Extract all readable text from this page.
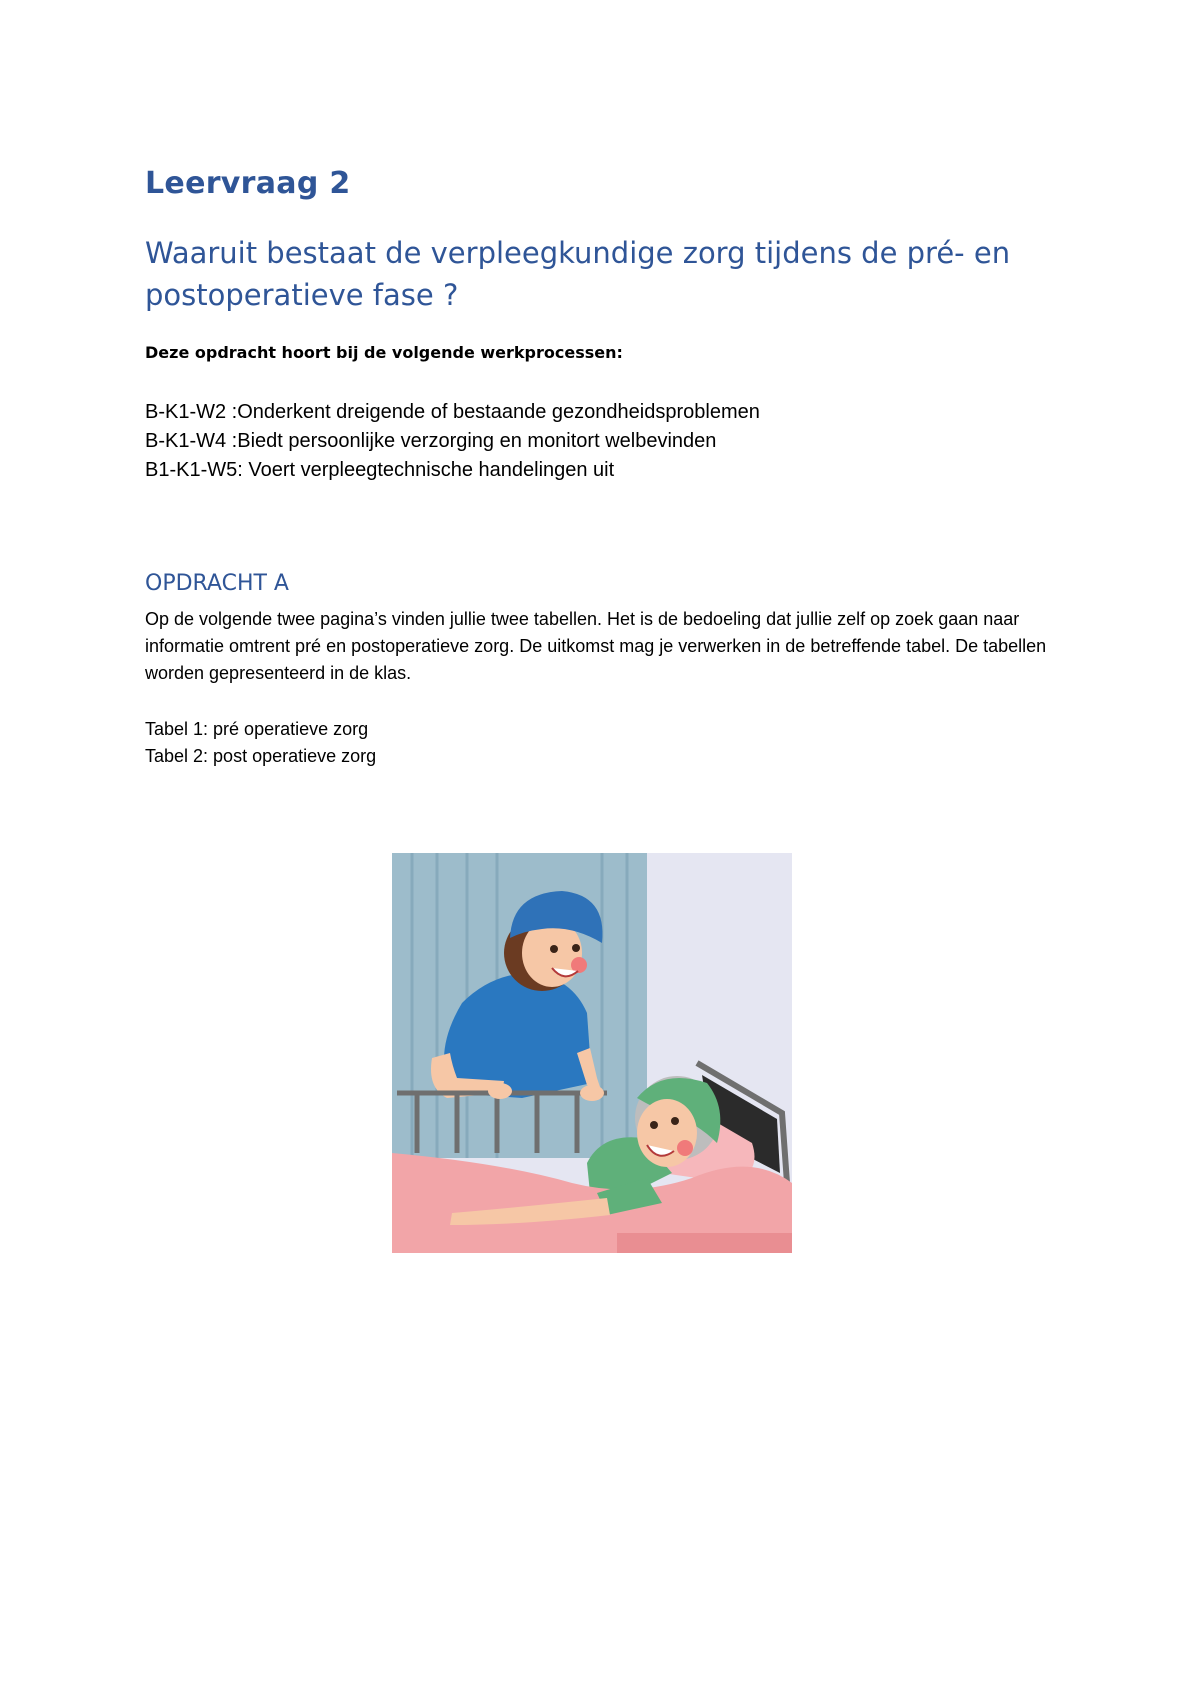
Leervraag 2
Waaruit bestaat de verpleegkundige zorg tijdens de pré- en postoperatieve fase ?

Deze opdracht hoort bij de volgende werkprocessen:

B-K1-W2 :Onderkent dreigende of bestaande gezondheidsproblemen
B-K1-W4 :Biedt persoonlijke verzorging en monitort welbevinden
B1-K1-W5: Voert verpleegtechnische handelingen uit
OPDRACHT A

Op de volgende twee pagina’s vinden jullie twee tabellen. Het is de bedoeling dat jullie zelf op zoek gaan naar informatie omtrent pré en postoperatieve zorg. De uitkomst mag je verwerken in de betreffende tabel. De tabellen worden gepresenteerd in de klas.

Tabel 1: pré operatieve zorg
Tabel 2: post operatieve zorg
